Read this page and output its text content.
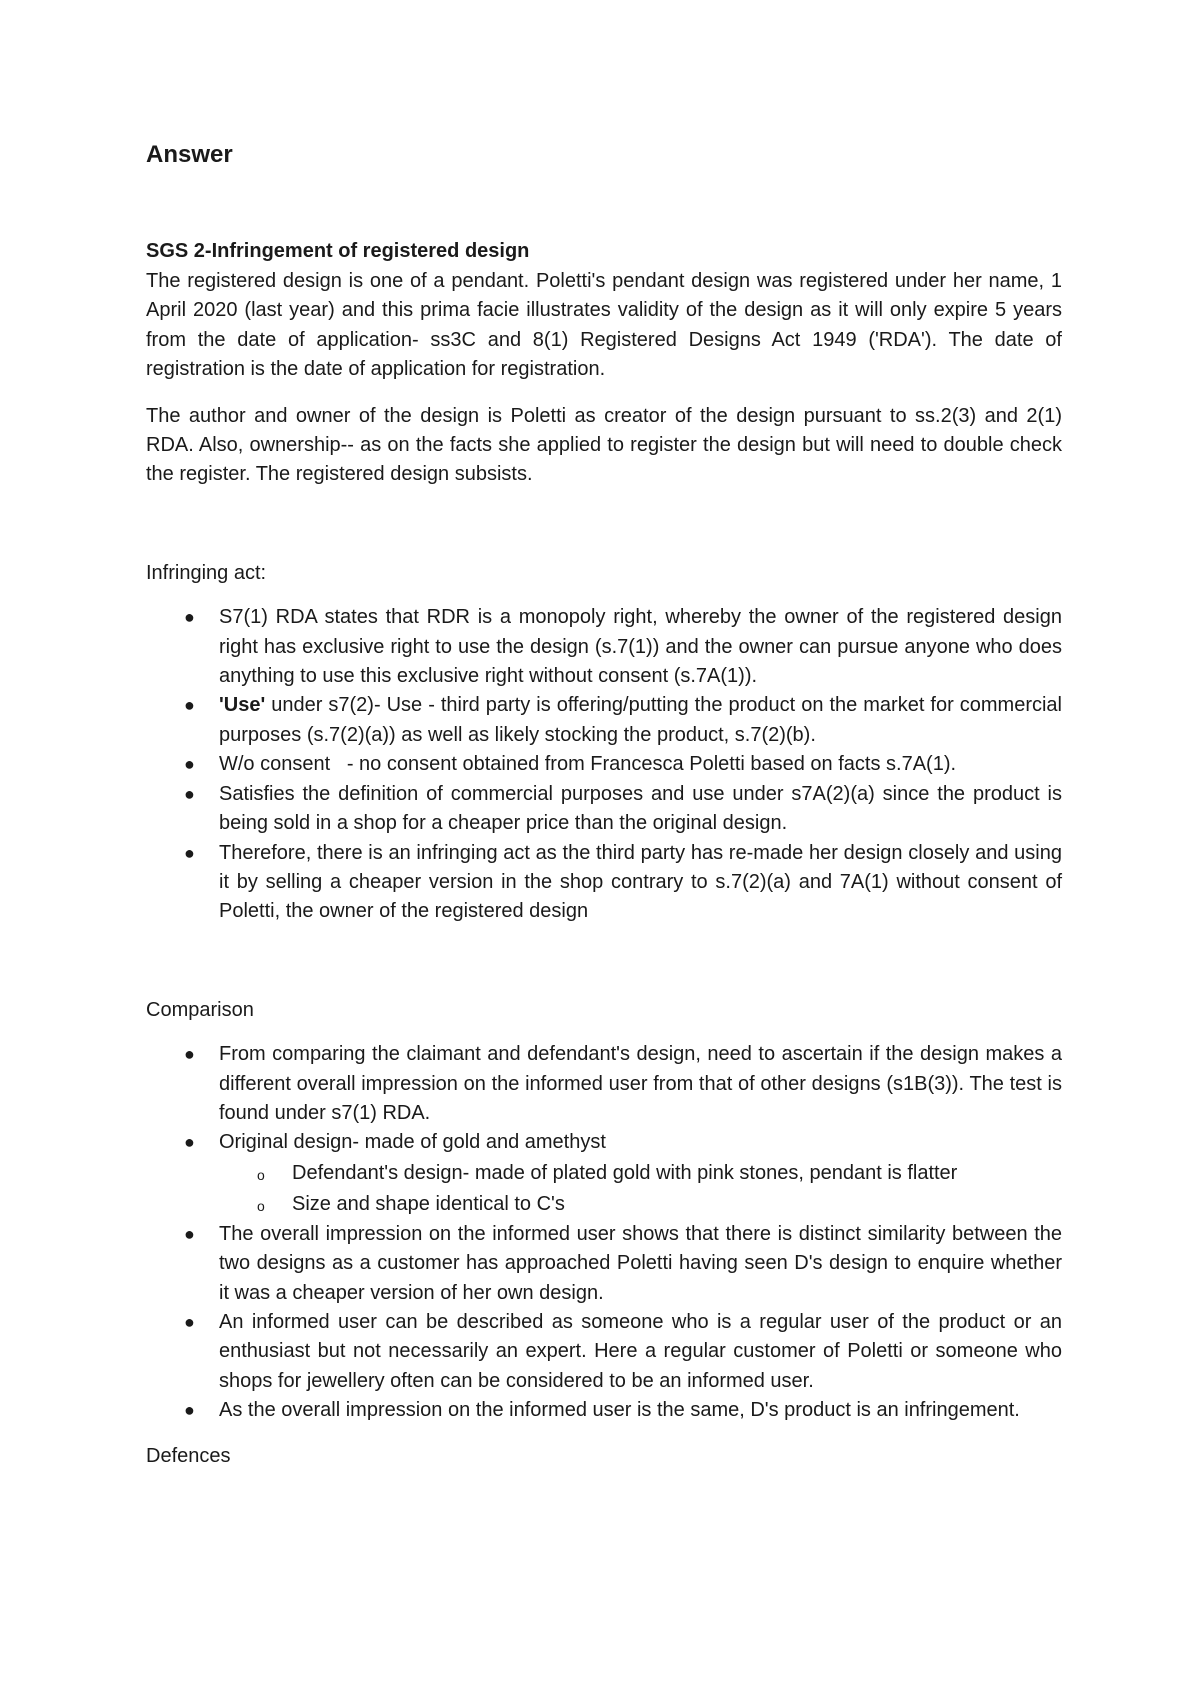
Answer
SGS 2-Infringement of registered design

The registered design is one of a pendant. Poletti's pendant design was registered under her name, 1 April 2020 (last year) and this prima facie illustrates validity of the design as it will only expire 5 years from the date of application- ss3C and 8(1) Registered Designs Act 1949 ('RDA'). The date of registration is the date of application for registration.

The author and owner of the design is Poletti as creator of the design pursuant to ss.2(3) and 2(1) RDA. Also, ownership-- as on the facts she applied to register the design but will need to double check the register. The registered design subsists.

Infringing act:

● S7(1) RDA states that RDR is a monopoly right, whereby the owner of the registered design right has exclusive right to use the design (s.7(1)) and the owner can pursue anyone who does anything to use this exclusive right without consent (s.7A(1)).
● 'Use' under s7(2)- Use - third party is offering/putting the product on the market for commercial purposes (s.7(2)(a)) as well as likely stocking the product, s.7(2)(b).
● W/o consent   - no consent obtained from Francesca Poletti based on facts s.7A(1).
● Satisfies the definition of commercial purposes and use under s7A(2)(a) since the product is being sold in a shop for a cheaper price than the original design.
● Therefore, there is an infringing act as the third party has re-made her design closely and using it by selling a cheaper version in the shop contrary to s.7(2)(a) and 7A(1) without consent of Poletti, the owner of the registered design

Comparison

● From comparing the claimant and defendant's design, need to ascertain if the design makes a different overall impression on the informed user from that of other designs (s1B(3)). The test is found under s7(1) RDA.
● Original design- made of gold and amethyst
o Defendant's design- made of plated gold with pink stones, pendant is flatter
o Size and shape identical to C's
● The overall impression on the informed user shows that there is distinct similarity between the two designs as a customer has approached Poletti having seen D's design to enquire whether it was a cheaper version of her own design.
● An informed user can be described as someone who is a regular user of the product or an enthusiast but not necessarily an expert. Here a regular customer of Poletti or someone who shops for jewellery often can be considered to be an informed user.
● As the overall impression on the informed user is the same, D's product is an infringement.

Defences
